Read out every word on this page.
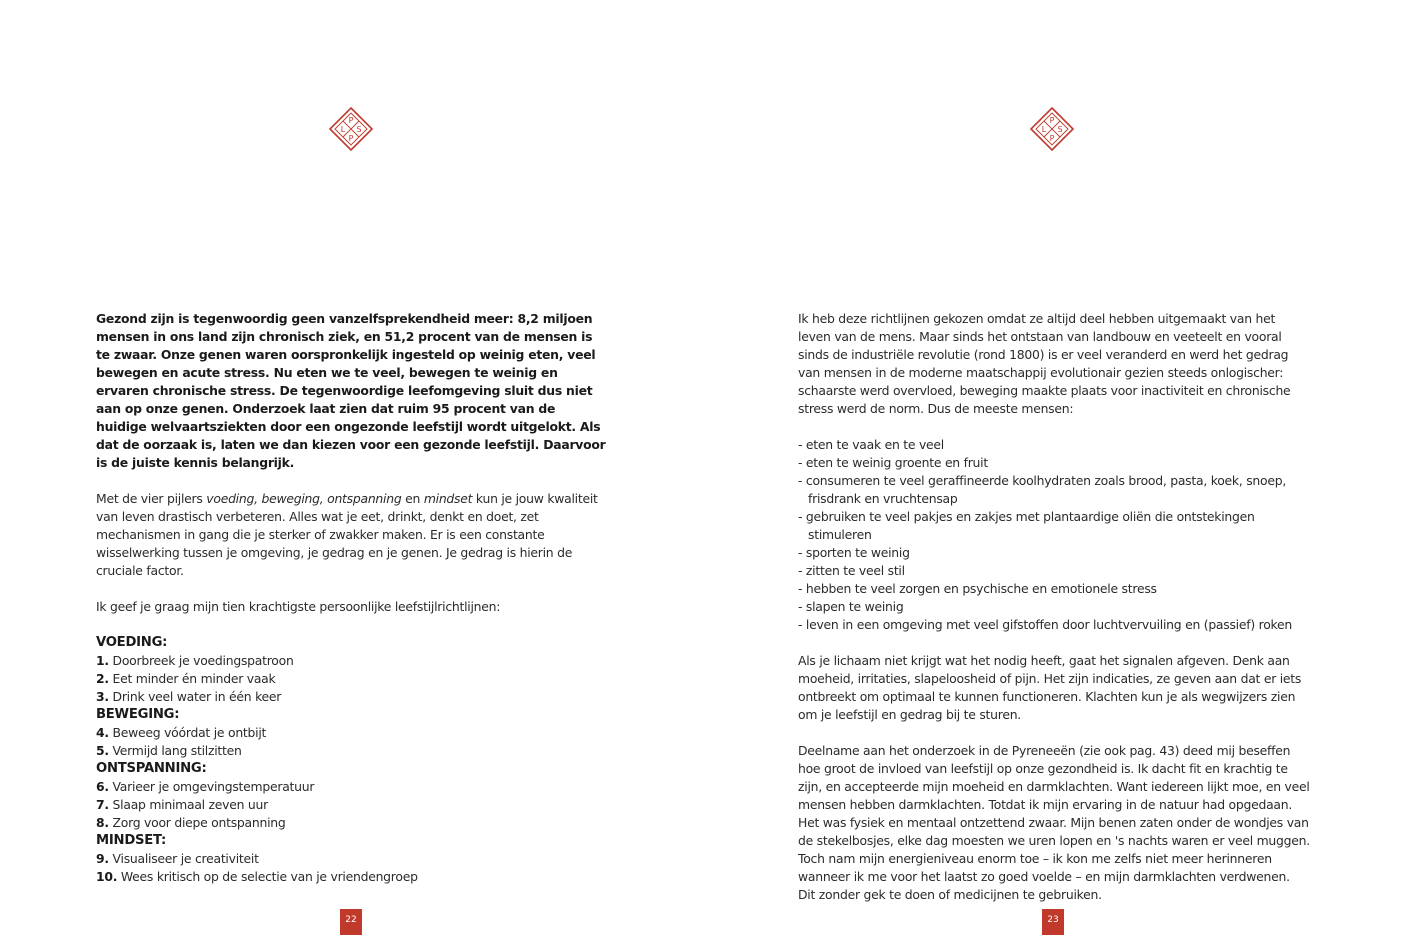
P
L S
P

Gezond zijn is tegenwoordig geen vanzelfsprekendheid meer: 8,2 miljoen mensen in ons land zijn chronisch ziek, en 51,2 procent van de mensen is te zwaar. Onze genen waren oorspronkelijk ingesteld op weinig eten, veel bewegen en acute stress. Nu eten we te veel, bewegen te weinig en ervaren chronische stress. De tegenwoordige leefomgeving sluit dus niet aan op onze genen. Onderzoek laat zien dat ruim 95 procent van de huidige welvaartsziekten door een ongezonde leefstijl wordt uitgelokt. Als dat de oorzaak is, laten we dan kiezen voor een gezonde leefstijl. Daarvoor is de juiste kennis belangrijk.

Met de vier pijlers voeding, beweging, ontspanning en mindset kun je jouw kwaliteit van leven drastisch verbeteren. Alles wat je eet, drinkt, denkt en doet, zet mechanismen in gang die je sterker of zwakker maken. Er is een constante wisselwerking tussen je omgeving, je gedrag en je genen. Je gedrag is hierin de cruciale factor.

Ik geef je graag mijn tien krachtigste persoonlijke leefstijlrichtlijnen:

VOEDING:
1. Doorbreek je voedingspatroon
2. Eet minder én minder vaak
3. Drink veel water in één keer
BEWEGING:
4. Beweeg vóórdat je ontbijt
5. Vermijd lang stilzitten
ONTSPANNING:
6. Varieer je omgevingstemperatuur
7. Slaap minimaal zeven uur
8. Zorg voor diepe ontspanning
MINDSET:
9. Visualiseer je creativiteit
10. Wees kritisch op de selectie van je vriendengroep
22
P
L S
P

Ik heb deze richtlijnen gekozen omdat ze altijd deel hebben uitgemaakt van het leven van de mens. Maar sinds het ontstaan van landbouw en veeteelt en vooral sinds de industriële revolutie (rond 1800) is er veel veranderd en werd het gedrag van mensen in de moderne maatschappij evolutionair gezien steeds onlogischer: schaarste werd overvloed, beweging maakte plaats voor inactiviteit en chronische stress werd de norm. Dus de meeste mensen:

- eten te vaak en te veel
- eten te weinig groente en fruit
- consumeren te veel geraffineerde koolhydraten zoals brood, pasta, koek, snoep, frisdrank en vruchtensap
- gebruiken te veel pakjes en zakjes met plantaardige oliën die ontstekingen stimuleren
- sporten te weinig
- zitten te veel stil
- hebben te veel zorgen en psychische en emotionele stress
- slapen te weinig
- leven in een omgeving met veel gifstoffen door luchtvervuiling en (passief) roken

Als je lichaam niet krijgt wat het nodig heeft, gaat het signalen afgeven. Denk aan moeheid, irritaties, slapeloosheid of pijn. Het zijn indicaties, ze geven aan dat er iets ontbreekt om optimaal te kunnen functioneren. Klachten kun je als wegwijzers zien om je leefstijl en gedrag bij te sturen.

Deelname aan het onderzoek in de Pyreneeën (zie ook pag. 43) deed mij beseffen hoe groot de invloed van leefstijl op onze gezondheid is. Ik dacht fit en krachtig te zijn, en accepteerde mijn moeheid en darmklachten. Want iedereen lijkt moe, en veel mensen hebben darmklachten. Totdat ik mijn ervaring in de natuur had opgedaan. Het was fysiek en mentaal ontzettend zwaar. Mijn benen zaten onder de wondjes van de stekelbosjes, elke dag moesten we uren lopen en 's nachts waren er veel muggen. Toch nam mijn energieniveau enorm toe – ik kon me zelfs niet meer herinneren wanneer ik me voor het laatst zo goed voelde – en mijn darmklachten verdwenen. Dit zonder gek te doen of medicijnen te gebruiken.

23
